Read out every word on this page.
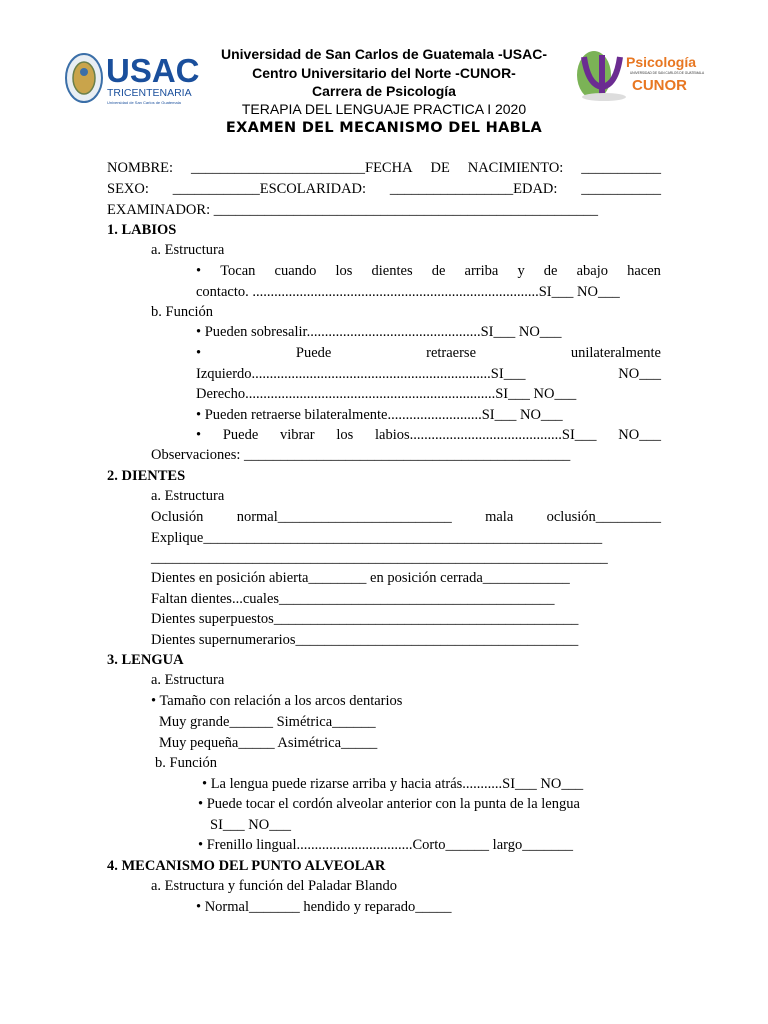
USAC
TRICENTENARIA
Universidad de San Carlos de Guatemala
Psicología
UNIVERSIDAD DE SAN CARLOS DE GUATEMALA
CUNOR
Universidad de San Carlos de Guatemala -USAC-
Centro Universitario del Norte -CUNOR-
Carrera de Psicología
TERAPIA DEL LENGUAJE PRACTICA I 2020
EXAMEN DEL MECANISMO DEL HABLA
NOMBRE: ________________________FECHA DE NACIMIENTO: ___________
SEXO: ____________ESCOLARIDAD: _________________EDAD: ___________
EXAMINADOR: _____________________________________________________
1. LABIOS
a. Estructura
• Tocan cuando los dientes de arriba y de abajo hacen
contacto. ...............................................................................SI___ NO___
b. Función
• Pueden sobresalir................................................SI___ NO___
•	Puede	retraerse	unilateralmente
Izquierdo..................................................................SI___	NO___
Derecho.....................................................................SI___ NO___
• Pueden retraerse bilateralmente..........................SI___ NO___
• Puede vibrar los labios..........................................SI___ NO___
Observaciones: _____________________________________________
2. DIENTES
a. Estructura
Oclusión normal________________________ mala oclusión_________
Explique_______________________________________________________
_______________________________________________________________
Dientes en posición abierta________ en posición cerrada____________
Faltan dientes...cuales______________________________________
Dientes superpuestos__________________________________________
Dientes supernumerarios_______________________________________
3. LENGUA
a. Estructura
• Tamaño con relación a los arcos dentarios
Muy grande______ Simétrica______
Muy pequeña_____ Asimétrica_____
b. Función
• La lengua puede rizarse arriba y hacia atrás...........SI___ NO___
• Puede tocar el cordón alveolar anterior con la punta de la lengua
SI___ NO___
• Frenillo lingual................................Corto______ largo_______
4. MECANISMO DEL PUNTO ALVEOLAR
a. Estructura y función del Paladar Blando
• Normal_______ hendido y reparado_____
